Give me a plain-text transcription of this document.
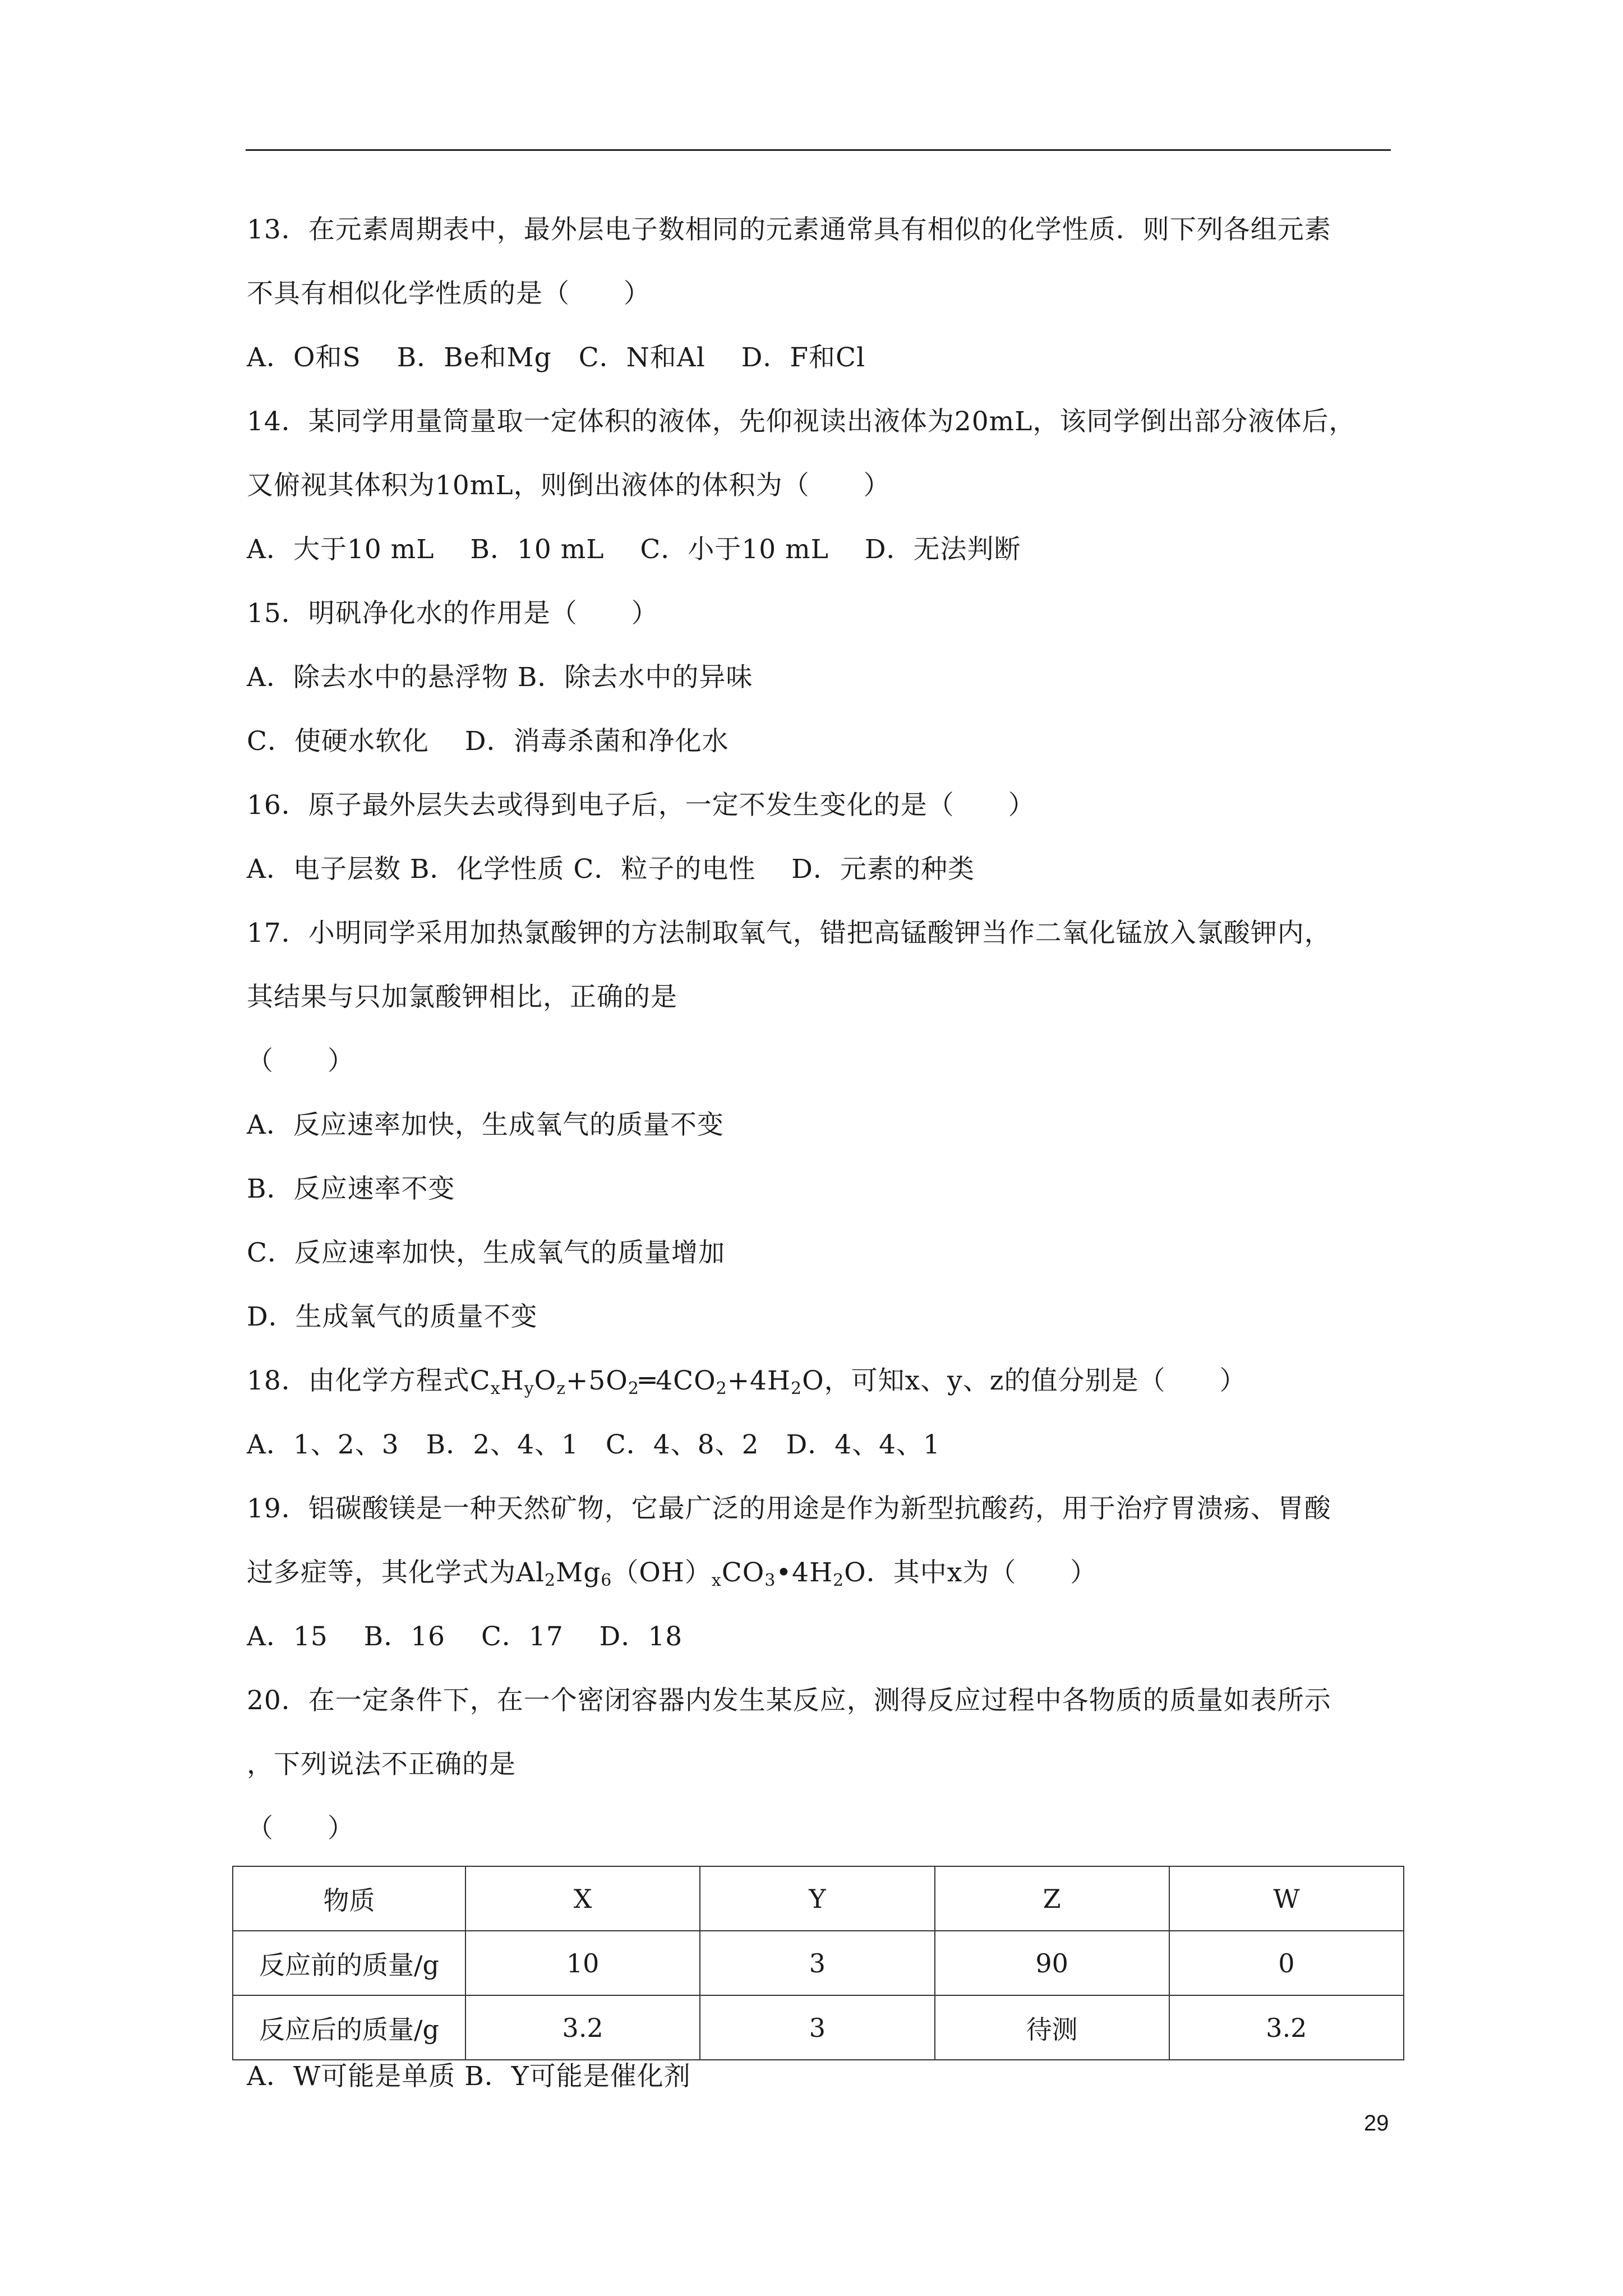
13．在元素周期表中，最外层电子数相同的元素通常具有相似的化学性质．则下列各组元素
不具有相似化学性质的是（　　）
A．O和S　 B．Be和Mg　C．N和Al　 D．F和Cl
14．某同学用量筒量取一定体积的液体，先仰视读出液体为20mL，该同学倒出部分液体后，
又俯视其体积为10mL，则倒出液体的体积为（　　）
A．大于10 mL　 B．10 mL　 C．小于10 mL　 D．无法判断
15．明矾净化水的作用是（　　）
A．除去水中的悬浮物 B．除去水中的异味
C．使硬水软化　 D．消毒杀菌和净化水
16．原子最外层失去或得到电子后，一定不发生变化的是（　　）
A．电子层数 B．化学性质 C．粒子的电性　 D．元素的种类
17．小明同学采用加热氯酸钾的方法制取氧气，错把高锰酸钾当作二氧化锰放入氯酸钾内，
其结果与只加氯酸钾相比，正确的是
（　　）
A．反应速率加快，生成氧气的质量不变
B．反应速率不变
C．反应速率加快，生成氧气的质量增加
D．生成氧气的质量不变
18．由化学方程式$C_xH_yO_z+5O_2═4CO_2+4H_2O$，可知x、y、z的值分别是（　　）
A．1、2、3　B．2、4、1　C．4、8、2　D．4、4、1
19．铝碳酸镁是一种天然矿物，它最广泛的用途是作为新型抗酸药，用于治疗胃溃疡、胃酸
过多症等，其化学式为$Al_2Mg_6(OH)_xCO_3•4H_2O$．其中x为（　　）
A．15　 B．16　 C．17　 D．18
20．在一定条件下，在一个密闭容器内发生某反应，测得反应过程中各物质的质量如表所示
，下列说法不正确的是
（　　）
物质	X	Y	Z	W
反应前的质量/g	10	3	90	0
反应后的质量/g	3.2	3	待测	3.2
A．W可能是单质 B．Y可能是催化剂
29
